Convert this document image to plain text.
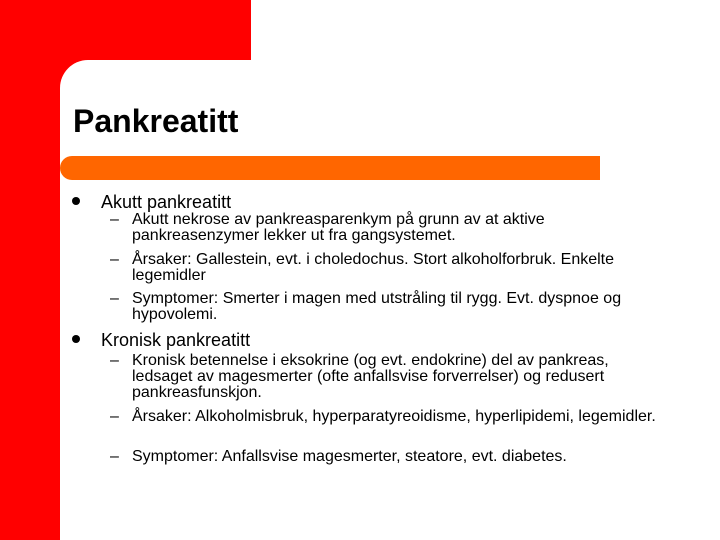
Pankreatitt
Akutt pankreatitt
– Akutt nekrose av pankreasparenkym på grunn av at aktive pankreasenzymer lekker ut fra gangsystemet.
– Årsaker: Gallestein, evt. i choledochus. Stort alkoholforbruk. Enkelte legemidler
– Symptomer: Smerter i magen med utstråling til rygg. Evt. dyspnoe og hypovolemi.
Kronisk pankreatitt
– Kronisk betennelse i eksokrine (og evt. endokrine) del av pankreas, ledsaget av magesmerter (ofte anfallsvise forverrelser) og redusert pankreasfunskjon.
– Årsaker: Alkoholmisbruk, hyperparatyreoidisme, hyperlipidemi, legemidler.
– Symptomer: Anfallsvise magesmerter, steatore, evt. diabetes.
